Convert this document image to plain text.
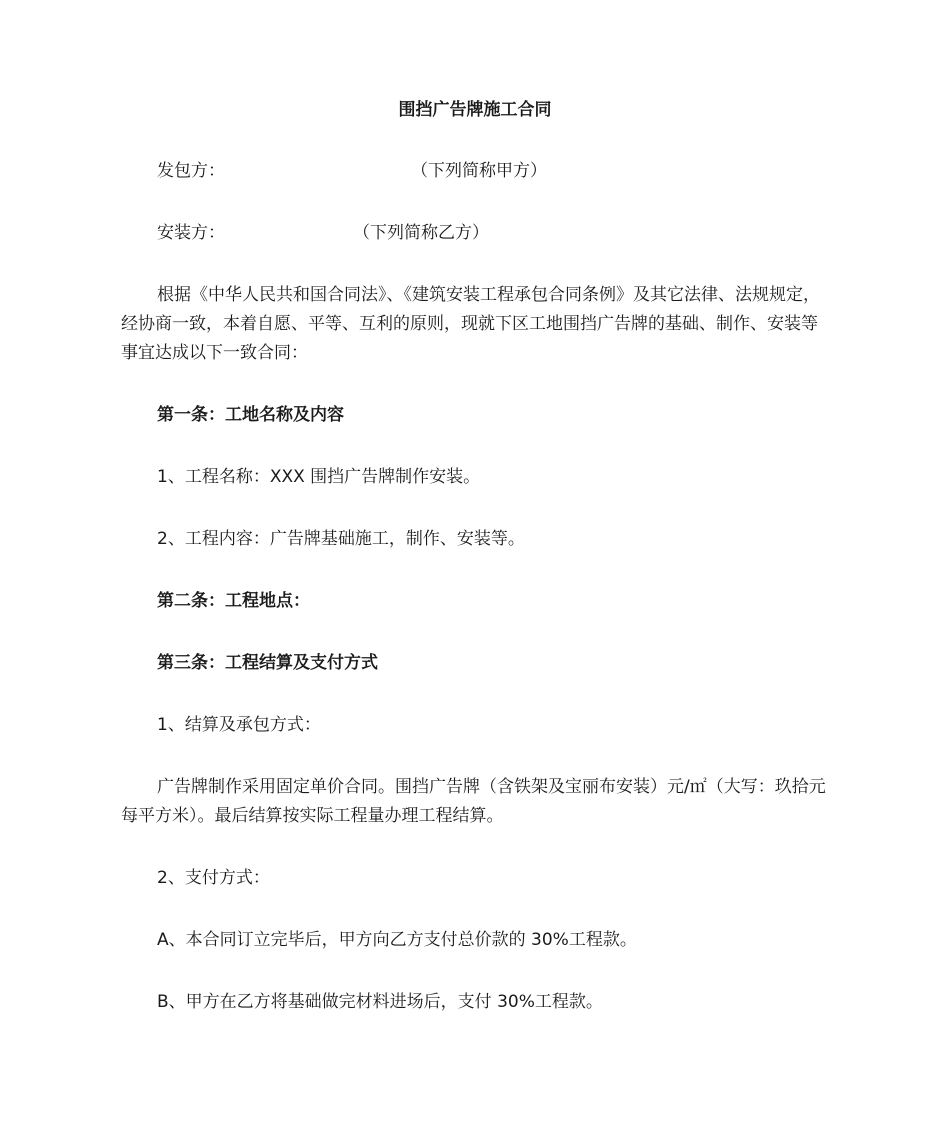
围挡广告牌施工合同

发包方：	（下列简称甲方）

安装方：	（下列简称乙方）

根据《中华人民共和国合同法》、《建筑安装工程承包合同条例》及其它法律、法规规定，经协商一致，本着自愿、平等、互利的原则，现就下区工地围挡广告牌的基础、制作、安装等事宜达成以下一致合同：

第一条：工地名称及内容

1、工程名称：XXX 围挡广告牌制作安装。

2、工程内容：广告牌基础施工，制作、安装等。

第二条：工程地点：

第三条：工程结算及支付方式

1、结算及承包方式：

广告牌制作采用固定单价合同。围挡广告牌（含铁架及宝丽布安装）元/㎡（大写：玖拾元每平方米）。最后结算按实际工程量办理工程结算。

2、支付方式：

A、本合同订立完毕后，甲方向乙方支付总价款的 30%工程款。

B、甲方在乙方将基础做完材料进场后，支付 30%工程款。
